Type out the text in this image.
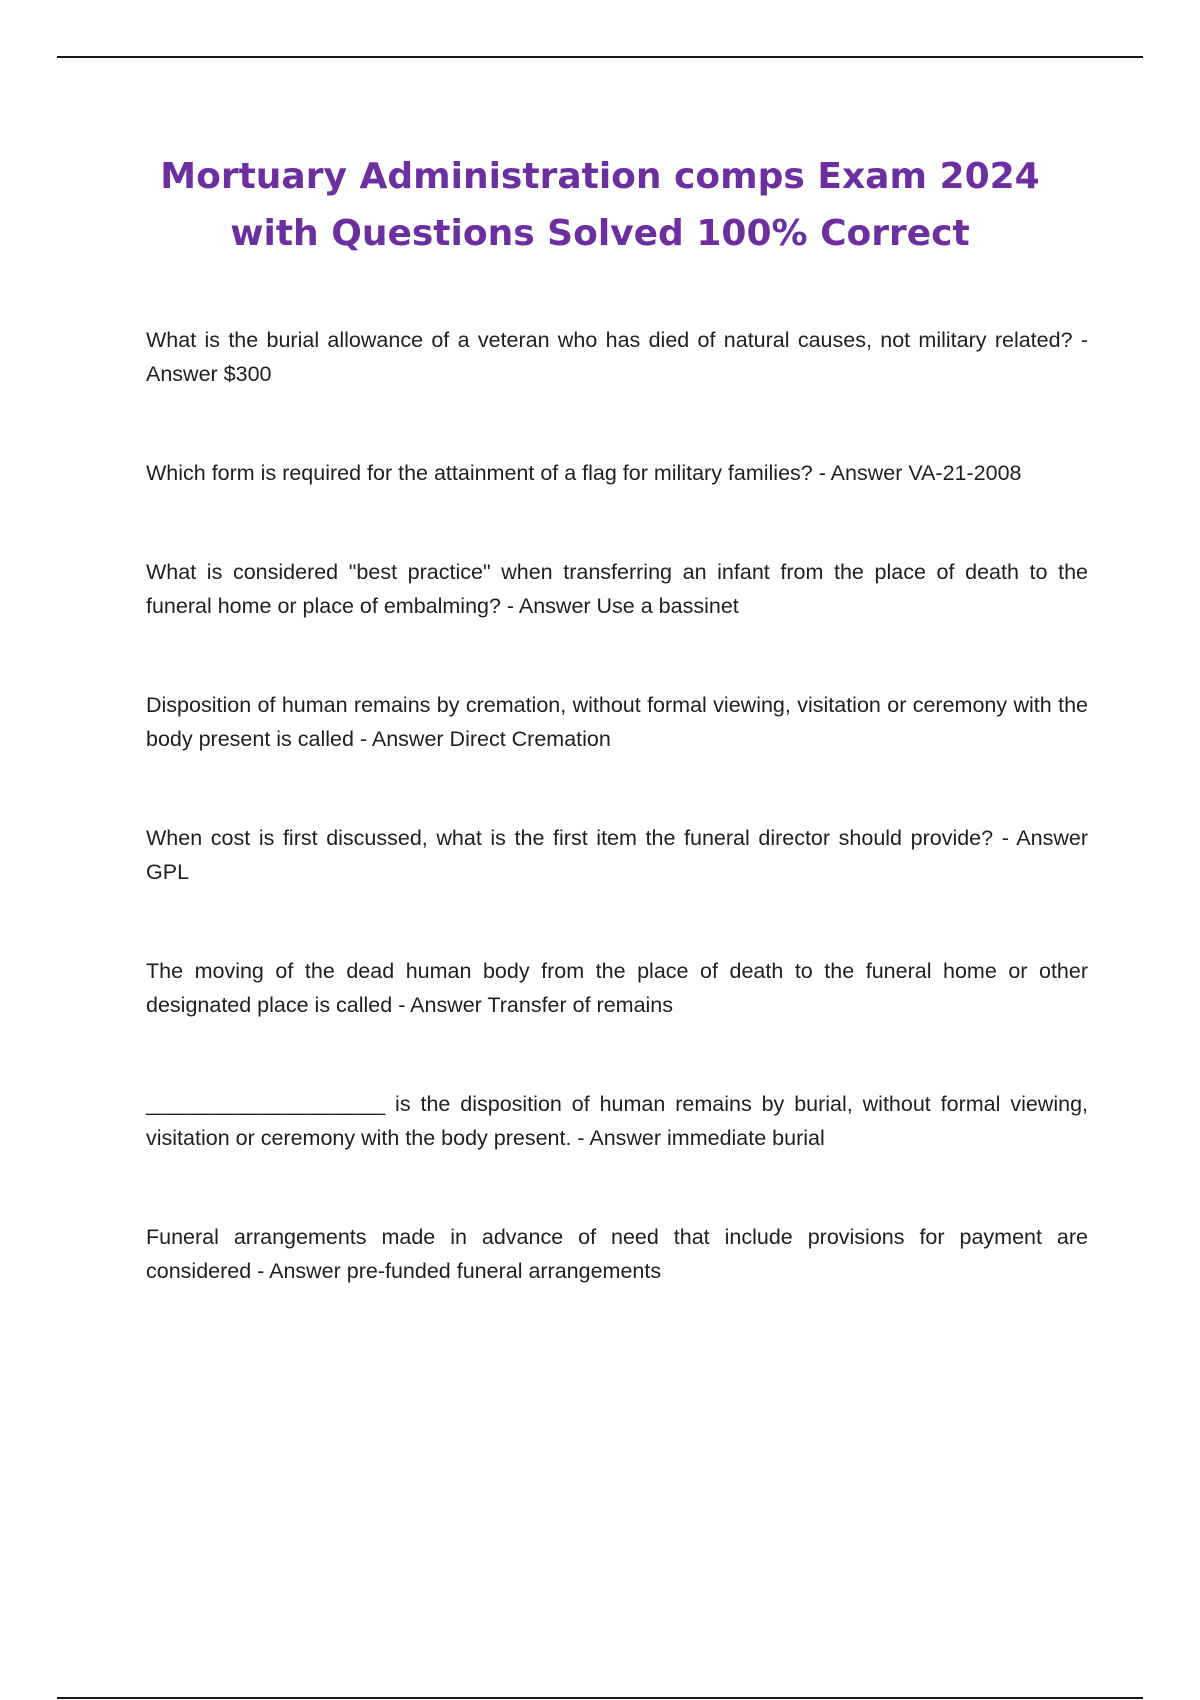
Mortuary Administration comps Exam 2024 with Questions Solved 100% Correct
What is the burial allowance of a veteran who has died of natural causes, not military related? - Answer $300
Which form is required for the attainment of a flag for military families? - Answer VA-21-2008
What is considered "best practice" when transferring an infant from the place of death to the funeral home or place of embalming? - Answer Use a bassinet
Disposition of human remains by cremation, without formal viewing, visitation or ceremony with the body present is called - Answer Direct Cremation
When cost is first discussed, what is the first item the funeral director should provide? - Answer GPL
The moving of the dead human body from the place of death to the funeral home or other designated place is called - Answer Transfer of remains
____________________ is the disposition of human remains by burial, without formal viewing, visitation or ceremony with the body present. - Answer immediate burial
Funeral arrangements made in advance of need that include provisions for payment are considered - Answer pre-funded funeral arrangements
